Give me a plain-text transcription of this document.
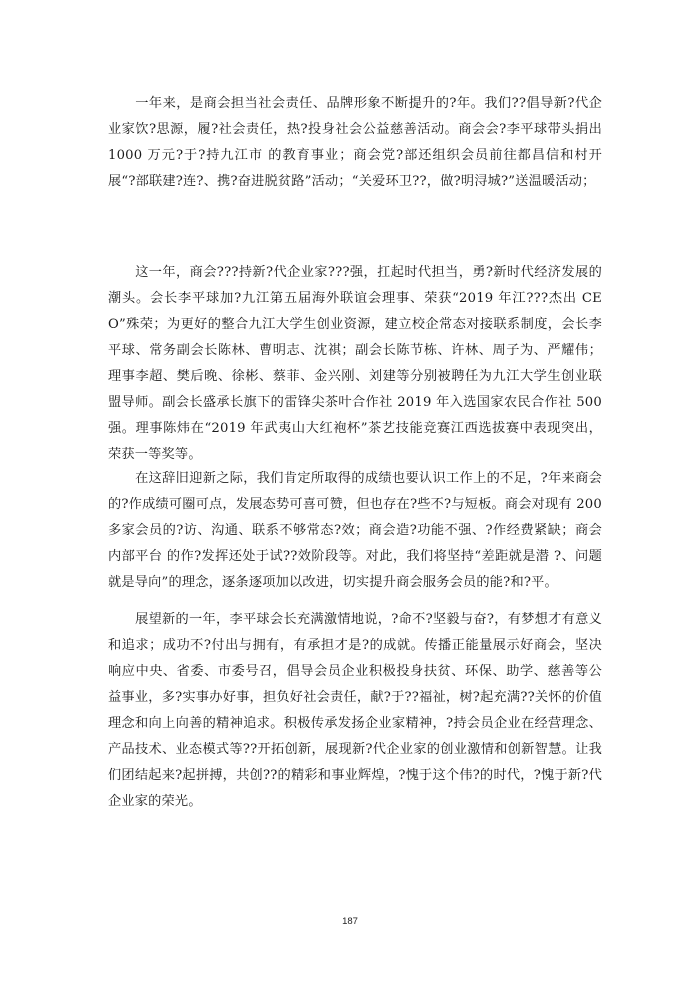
一年来，是商会担当社会责任、品牌形象不断提升的?年。我们??倡导新?代企业家饮?思源，履?社会责任，热?投身社会公益慈善活动。商会会?李平球带头捐出 1000 万元?于?持九江市 的教育事业；商会党?部还组织会员前往都昌信和村开展“?部联建?连?、携?奋进脱贫路”活动；“关爱环卫??，做?明浔城?”送温暖活动；

这一年，商会???持新?代企业家???强，扛起时代担当，勇?新时代经济发展的潮头。会长李平球加?九江第五届海外联谊会理事、荣获“2019 年江???杰出 CEO”殊荣；为更好的整合九江大学生创业资源，建立校企常态对接联系制度，会长李平球、常务副会长陈林、曹明志、沈祺；副会长陈节栋、许林、周子为、严耀伟；理事李超、樊后晚、徐彬、蔡菲、金兴刚、刘建等分别被聘任为九江大学生创业联盟导师。副会长盛承长旗下的雷锋尖茶叶合作社 2019 年入选国家农民合作社 500 强。理事陈炜在“2019 年武夷山大红袍杯”茶艺技能竞赛江西选拔赛中表现突出，荣获一等奖等。

在这辞旧迎新之际，我们肯定所取得的成绩也要认识工作上的不足，?年来商会的?作成绩可圈可点，发展态势可喜可赞，但也存在?些不?与短板。商会对现有 200 多家会员的?访、沟通、联系不够常态?效；商会造?功能不强、?作经费紧缺；商会内部平台 的作?发挥还处于试??效阶段等。对此，我们将坚持“差距就是潜 ?、问题就是导向”的理念，逐条逐项加以改进，切实提升商会服务会员的能?和?平。

展望新的一年，李平球会长充满激情地说，?命不?坚毅与奋?，有梦想才有意义和追求；成功不?付出与拥有，有承担才是?的成就。传播正能量展示好商会，坚决响应中央、省委、市委号召，倡导会员企业积极投身扶贫、环保、助学、慈善等公益事业，多?实事办好事，担负好社会责任，献?于??福祉，树?起充满??关怀的价值理念和向上向善的精神追求。积极传承发扬企业家精神，?持会员企业在经营理念、产品技术、业态模式等??开拓创新，展现新?代企业家的创业激情和创新智慧。让我们团结起来?起拼搏，共创??的精彩和事业辉煌，?愧于这个伟?的时代，?愧于新?代企业家的荣光。

187
